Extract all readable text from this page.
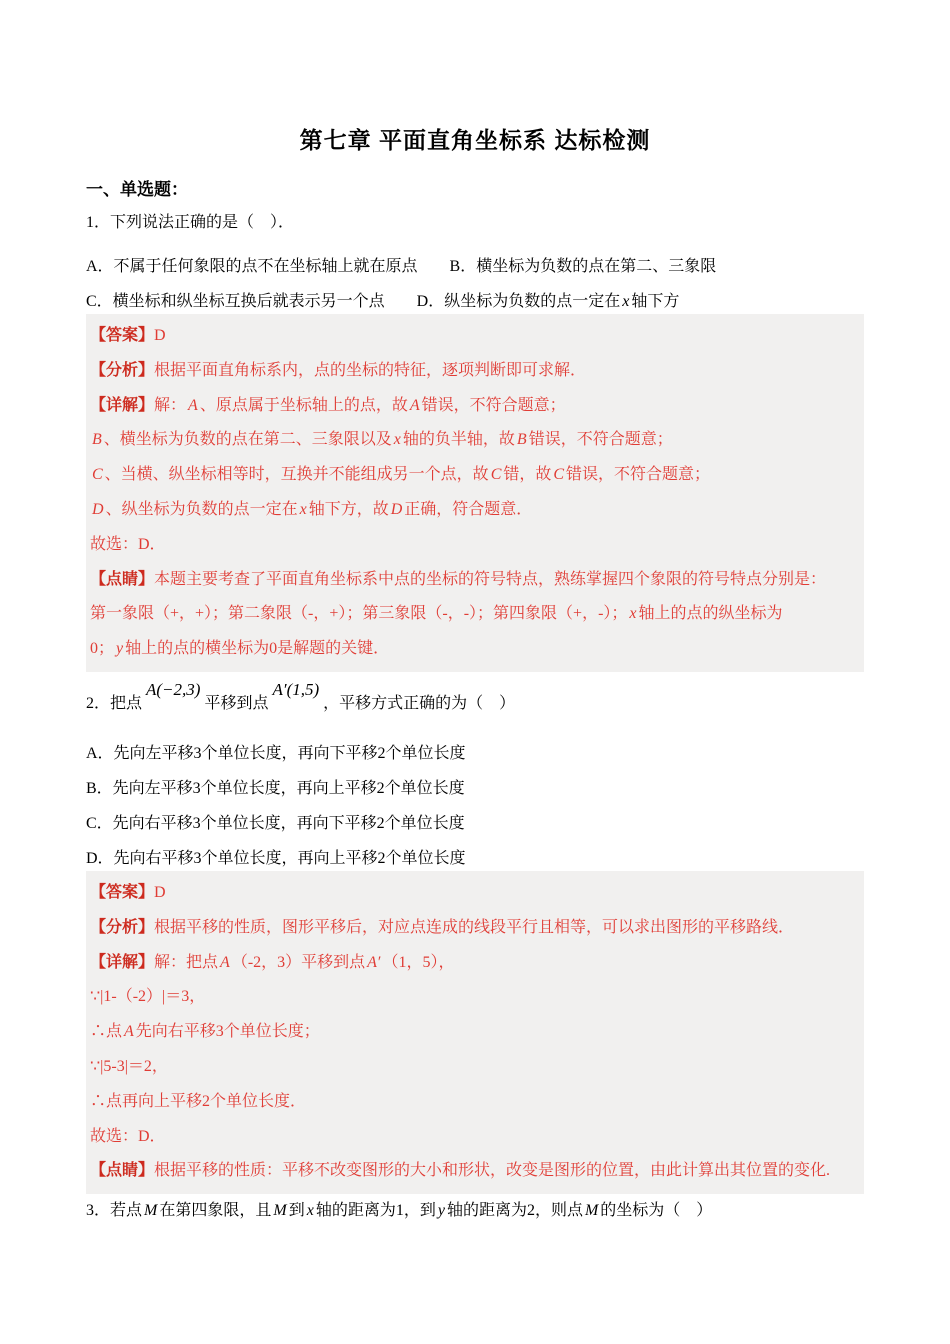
第七章 平面直角坐标系 达标检测

一、单选题：

1．下列说法正确的是（　）．

A．不属于任何象限的点不在坐标轴上就在原点　　B．横坐标为负数的点在第二、三象限

C．横坐标和纵坐标互换后就表示另一个点　　D．纵坐标为负数的点一定在 x 轴下方

【答案】D

【分析】根据平面直角标系内，点的坐标的特征，逐项判断即可求解．

【详解】解： A 、原点属于坐标轴上的点，故 A 错误，不符合题意；

B 、横坐标为负数的点在第二、三象限以及 x 轴的负半轴，故 B 错误，不符合题意；

C 、当横、纵坐标相等时，互换并不能组成另一个点，故 C 错，故 C 错误，不符合题意；

D 、纵坐标为负数的点一定在 x 轴下方，故 D 正确，符合题意．

故选：D．

【点睛】本题主要考查了平面直角坐标系中点的坐标的符号特点，熟练掌握四个象限的符号特点分别是：

第一象限（+，+）；第二象限（-，+）；第三象限（-，-）；第四象限（+，-）； x 轴上的点的纵坐标为

0； y 轴上的点的横坐标为0是解题的关键．

2．把点A(−2,3)平移到点A′(1,5)，平移方式正确的为（　）

A．先向左平移3个单位长度，再向下平移2个单位长度

B．先向左平移3个单位长度，再向上平移2个单位长度

C．先向右平移3个单位长度，再向下平移2个单位长度

D．先向右平移3个单位长度，再向上平移2个单位长度

【答案】D

【分析】根据平移的性质，图形平移后，对应点连成的线段平行且相等，可以求出图形的平移路线．

【详解】解：把点 A （-2，3）平移到点 A′ （1，5），

∵|1-（-2）|＝3，

∴点 A 先向右平移3个单位长度；

∵|5-3|＝2，

∴点再向上平移2个单位长度．

故选：D．

【点睛】根据平移的性质：平移不改变图形的大小和形状，改变是图形的位置，由此计算出其位置的变化.

3．若点 M 在第四象限，且 M 到 x 轴的距离为1，到 y 轴的距离为2，则点 M 的坐标为（　）
